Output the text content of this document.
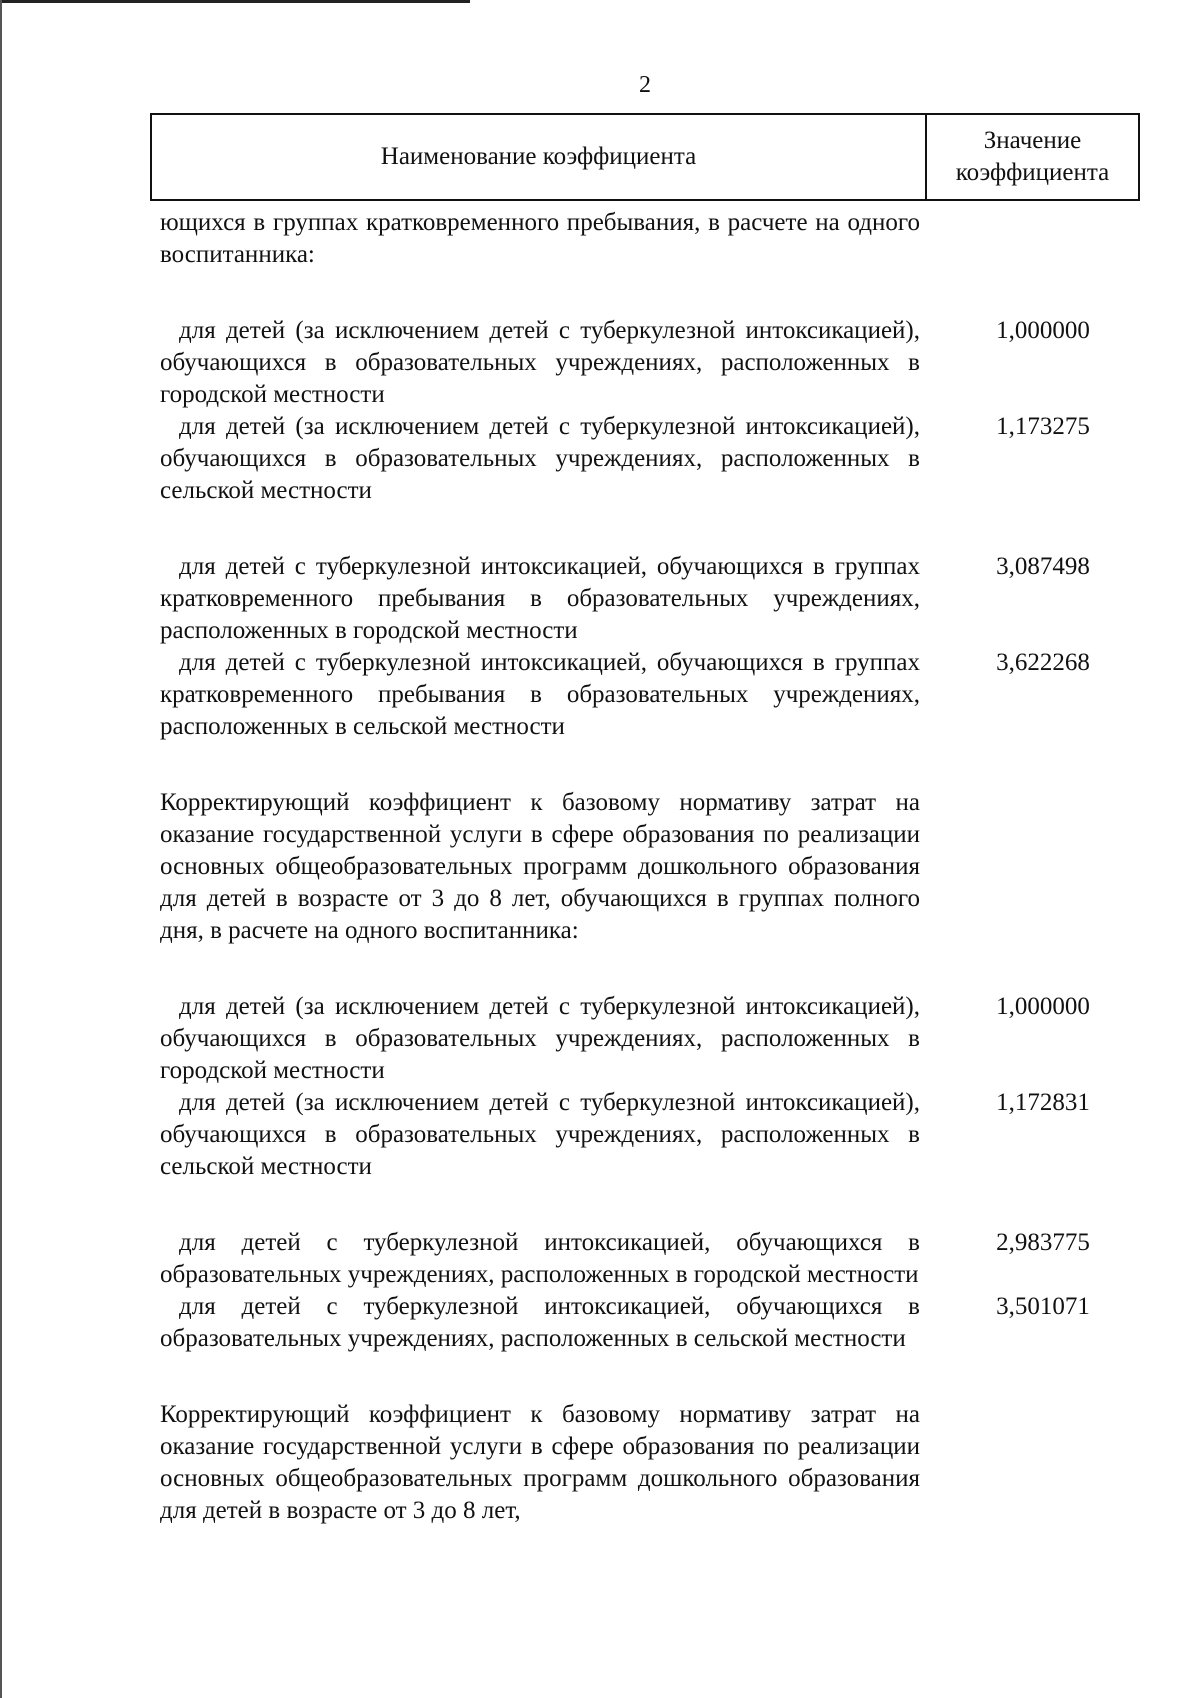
2
Наименование коэффициента
Значение
коэффициента
ющихся в группах кратковременного пребывания, в расчете на одного воспитанника:
для детей (за исключением детей с туберкулезной интоксикацией), обучающихся в образовательных учреждениях, расположенных в городской местности
1,000000
для детей (за исключением детей с туберкулезной интоксикацией), обучающихся в образовательных учреждениях, расположенных в сельской местности
1,173275
для детей с туберкулезной интоксикацией, обучающихся в группах кратковременного пребывания в образовательных учреждениях, расположенных в городской местности
3,087498
для детей с туберкулезной интоксикацией, обучающихся в группах кратковременного пребывания в образовательных учреждениях, расположенных в сельской местности
3,622268
Корректирующий коэффициент к базовому нормативу затрат на оказание государственной услуги в сфере образования по реализации основных общеобразовательных программ дошкольного образования для детей в возрасте от 3 до 8 лет, обучающихся в группах полного дня, в расчете на одного воспитанника:
для детей (за исключением детей с туберкулезной интоксикацией), обучающихся в образовательных учреждениях, расположенных в городской местности
1,000000
для детей (за исключением детей с туберкулезной интоксикацией), обучающихся в образовательных учреждениях, расположенных в сельской местности
1,172831
для детей с туберкулезной интоксикацией, обучающихся в образовательных учреждениях, расположенных в городской местности
2,983775
для детей с туберкулезной интоксикацией, обучающихся в образовательных учреждениях, расположенных в сельской местности
3,501071
Корректирующий коэффициент к базовому нормативу затрат на оказание государственной услуги в сфере образования по реализации основных общеобразовательных программ дошкольного образования для детей в возрасте от 3 до 8 лет,
